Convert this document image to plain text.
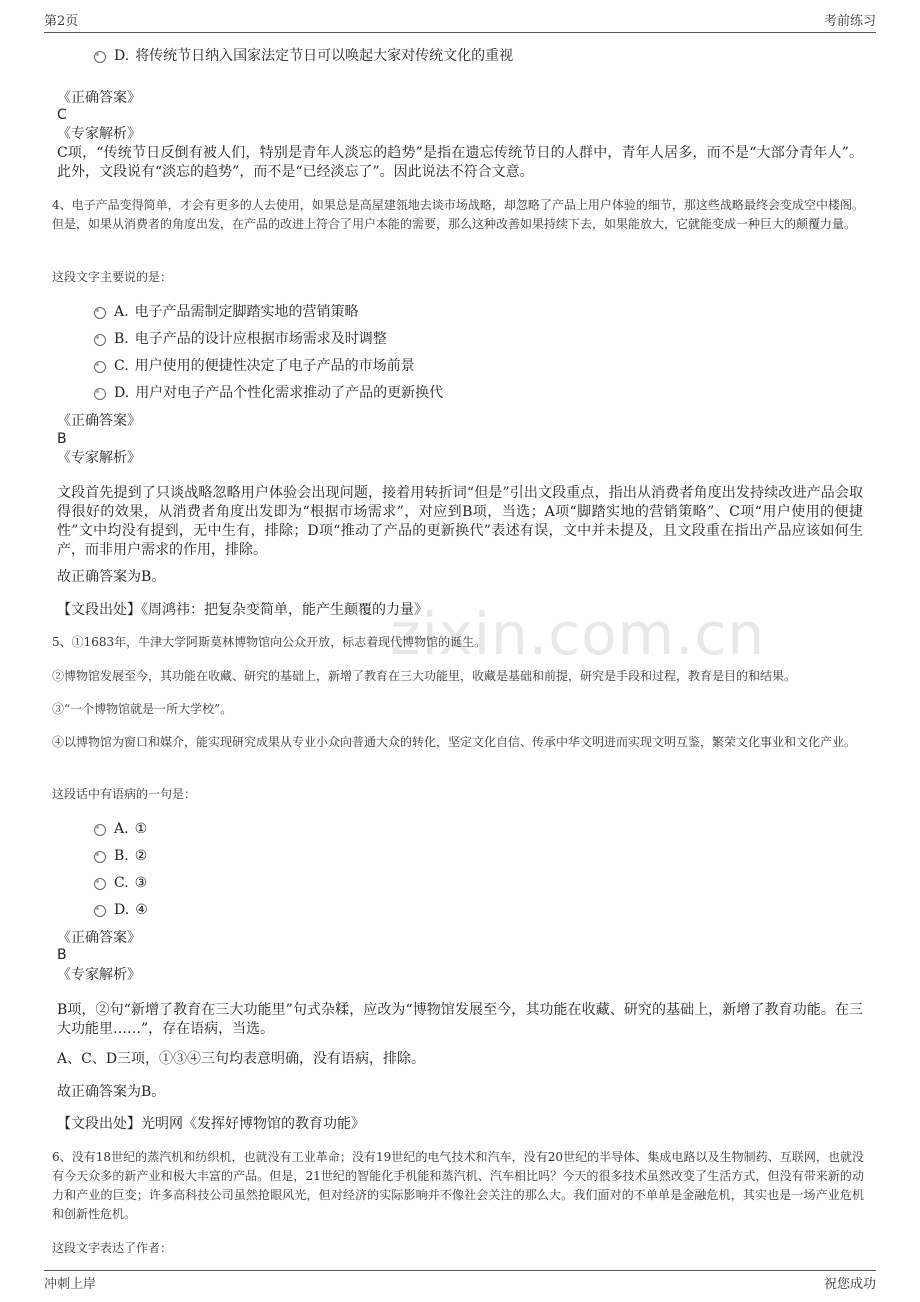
zixin.com.cn
第2页	考前练习
D. 将传统节日纳入国家法定节日可以唤起大家对传统文化的重视
《正确答案》
C
《专家解析》
C项，“传统节日反倒有被人们，特别是青年人淡忘的趋势”是指在遗忘传统节日的人群中，青年人居多，而不是“大部分青年人”。此外，文段说有“淡忘的趋势”，而不是“已经淡忘了”。因此说法不符合文意。
4、电子产品变得简单，才会有更多的人去使用，如果总是高屋建瓴地去谈市场战略，却忽略了产品上用户体验的细节，那这些战略最终会变成空中楼阁。但是，如果从消费者的角度出发，在产品的改进上符合了用户本能的需要，那么这种改善如果持续下去，如果能放大，它就能变成一种巨大的颠覆力量。
这段文字主要说的是：
A. 电子产品需制定脚踏实地的营销策略
B. 电子产品的设计应根据市场需求及时调整
C. 用户使用的便捷性决定了电子产品的市场前景
D. 用户对电子产品个性化需求推动了产品的更新换代
《正确答案》
B
《专家解析》
文段首先提到了只谈战略忽略用户体验会出现问题，接着用转折词“但是”引出文段重点，指出从消费者角度出发持续改进产品会取得很好的效果，从消费者角度出发即为“根据市场需求”，对应到B项，当选；A项“脚踏实地的营销策略”、C项“用户使用的便捷性”文中均没有提到，无中生有，排除；D项“推动了产品的更新换代”表述有误，文中并未提及，且文段重在指出产品应该如何生产，而非用户需求的作用，排除。
故正确答案为B。
【文段出处】《周鸿祎：把复杂变简单，能产生颠覆的力量》
5、①1683年，牛津大学阿斯莫林博物馆向公众开放，标志着现代博物馆的诞生。
②博物馆发展至今，其功能在收藏、研究的基础上，新增了教育在三大功能里，收藏是基础和前提，研究是手段和过程，教育是目的和结果。
③“一个博物馆就是一所大学校”。
④以博物馆为窗口和媒介，能实现研究成果从专业小众向普通大众的转化，坚定文化自信、传承中华文明进而实现文明互鉴，繁荣文化事业和文化产业。
这段话中有语病的一句是：
A. ①
B. ②
C. ③
D. ④
《正确答案》
B
《专家解析》
B项，②句“新增了教育在三大功能里”句式杂糅，应改为“博物馆发展至今，其功能在收藏、研究的基础上，新增了教育功能。在三大功能里……”，存在语病，当选。
A、C、D三项，①③④三句均表意明确，没有语病，排除。
故正确答案为B。
【文段出处】光明网《发挥好博物馆的教育功能》
6、没有18世纪的蒸汽机和纺织机，也就没有工业革命；没有19世纪的电气技术和汽车，没有20世纪的半导体、集成电路以及生物制药、互联网，也就没有今天众多的新产业和极大丰富的产品。但是，21世纪的智能化手机能和蒸汽机、汽车相比吗？今天的很多技术虽然改变了生活方式，但没有带来新的动力和产业的巨变；许多高科技公司虽然抢眼风光，但对经济的实际影响并不像社会关注的那么大。我们面对的不单单是金融危机，其实也是一场产业危机和创新性危机。
这段文字表达了作者：
冲刺上岸	祝您成功
